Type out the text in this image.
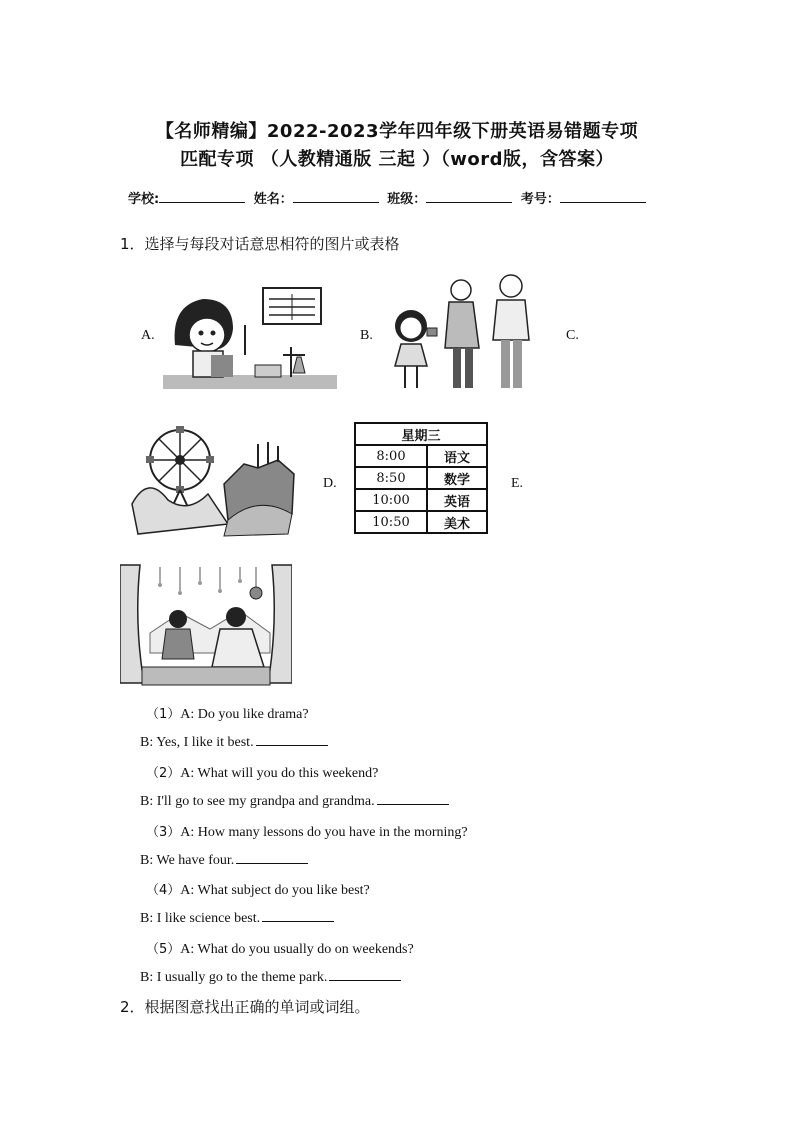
【名师精编】2022-2023学年四年级下册英语易错题专项
匹配专项 （人教精通版 三起 ）（word版，含答案）
学校:	姓名：	班级：	考号：
1．选择与每段对话意思相符的图片或表格
A.	B.	C.
D.	E.
星期三	
8:00	语文
8:50	数学
10:00	英语
10:50	美术
（1）A: Do you like drama?
B: Yes, I like it best.
（2）A: What will you do this weekend?
B: I'll go to see my grandpa and grandma.
（3）A: How many lessons do you have in the morning?
B: We have four.
（4）A: What subject do you like best?
B: I like science best.
（5）A: What do you usually do on weekends?
B: I usually go to the theme park.
2．根据图意找出正确的单词或词组。
